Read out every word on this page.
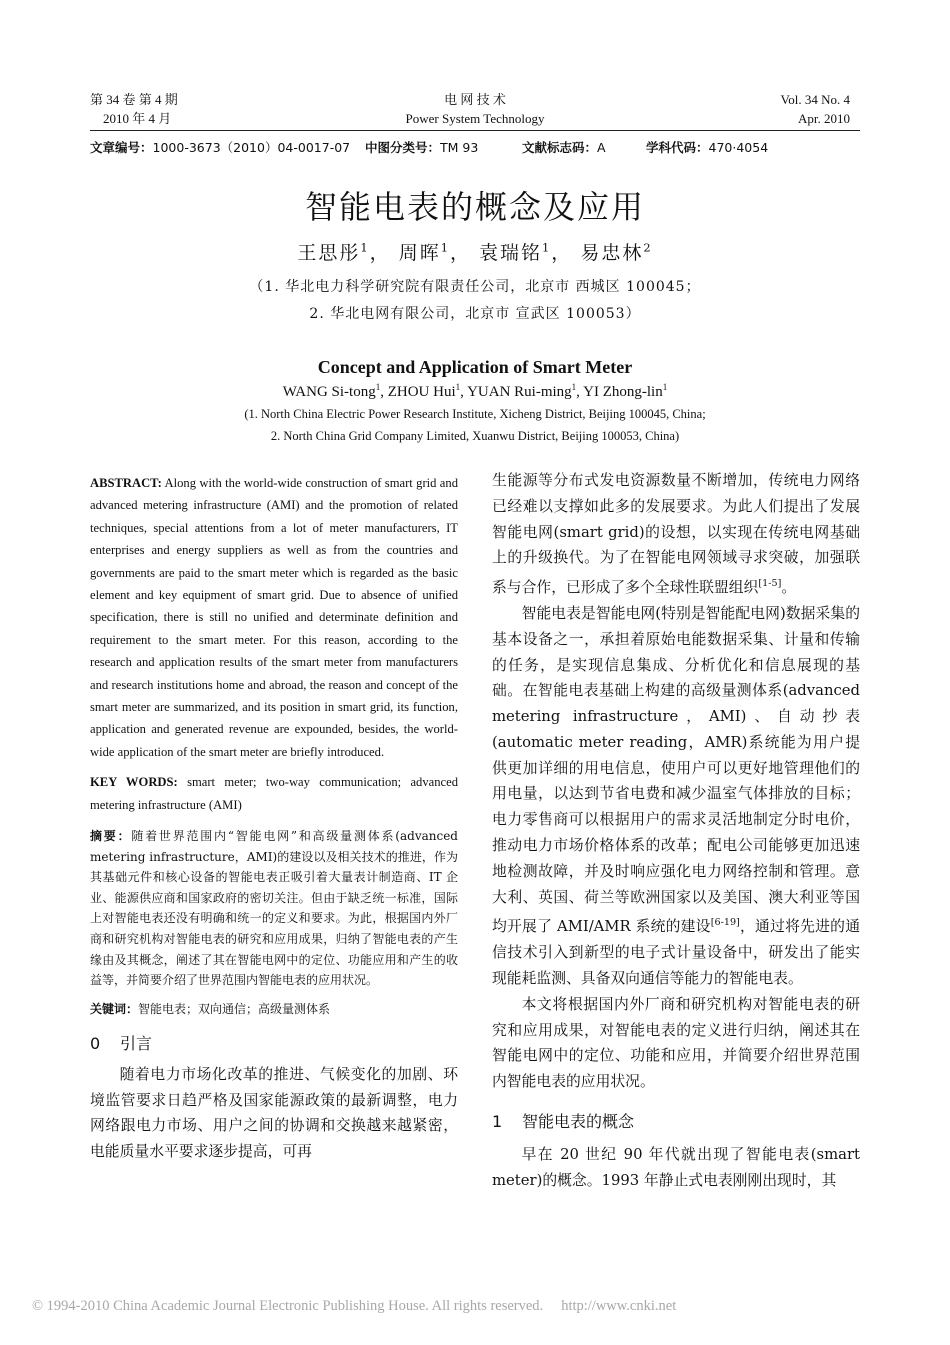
第 34 卷 第 4 期
2010 年 4 月
电 网 技 术
Power System Technology
Vol. 34 No. 4
Apr. 2010
文章编号：1000-3673（2010）04-0017-07 中图分类号：TM 93	文献标志码：A	学科代码：470·4054
智能电表的概念及应用
王思彤$^1$， 周晖$^1$， 袁瑞铭$^1$， 易忠林$^2$
（1. 华北电力科学研究院有限责任公司，北京市 西城区 100045；
2. 华北电网有限公司，北京市 宣武区 100053）
Concept and Application of Smart Meter
WANG Si-tong$^1$, ZHOU Hui$^1$, YUAN Rui-ming$^1$, YI Zhong-lin$^1$
(1. North China Electric Power Research Institute, Xicheng District, Beijing 100045, China;
2. North China Grid Company Limited, Xuanwu District, Beijing 100053, China)

ABSTRACT: Along with the world-wide construction of smart grid and advanced metering infrastructure (AMI) and the promotion of related techniques, special attentions from a lot of meter manufacturers, IT enterprises and energy suppliers as well as from the countries and governments are paid to the smart meter which is regarded as the basic element and key equipment of smart grid. Due to absence of unified specification, there is still no unified and determinate definition and requirement to the smart meter. For this reason, according to the research and application results of the smart meter from manufacturers and research institutions home and abroad, the reason and concept of the smart meter are summarized, and its position in smart grid, its function, application and generated revenue are expounded, besides, the world-wide application of the smart meter are briefly introduced.

KEY WORDS: smart meter; two-way communication; advanced metering infrastructure (AMI)

摘要：随着世界范围内“智能电网”和高级量测体系(advanced metering infrastructure，AMI)的建设以及相关技术的推进，作为其基础元件和核心设备的智能电表正吸引着大量表计制造商、IT 企业、能源供应商和国家政府的密切关注。但由于缺乏统一标准，国际上对智能电表还没有明确和统一的定义和要求。为此，根据国内外厂商和研究机构对智能电表的研究和应用成果，归纳了智能电表的产生缘由及其概念，阐述了其在智能电网中的定位、功能应用和产生的收益等，并简要介绍了世界范围内智能电表的应用状况。

关键词：智能电表；双向通信；高级量测体系

0 引言

随着电力市场化改革的推进、气候变化的加剧、环境监管要求日趋严格及国家能源政策的最新调整，电力网络跟电力市场、用户之间的协调和交换越来越紧密，电能质量水平要求逐步提高，可再

生能源等分布式发电资源数量不断增加，传统电力网络已经难以支撑如此多的发展要求。为此人们提出了发展智能电网(smart grid)的设想，以实现在传统电网基础上的升级换代。为了在智能电网领域寻求突破，加强联系与合作，已形成了多个全球性联盟组织[1-5]。

智能电表是智能电网(特别是智能配电网)数据采集的基本设备之一，承担着原始电能数据采集、计量和传输的任务，是实现信息集成、分析优化和信息展现的基础。在智能电表基础上构建的高级量测体系(advanced metering infrastructure，AMI)、自动抄表(automatic meter reading，AMR)系统能为用户提供更加详细的用电信息，使用户可以更好地管理他们的用电量，以达到节省电费和减少温室气体排放的目标；电力零售商可以根据用户的需求灵活地制定分时电价，推动电力市场价格体系的改革；配电公司能够更加迅速地检测故障，并及时响应强化电力网络控制和管理。意大利、英国、荷兰等欧洲国家以及美国、澳大利亚等国均开展了 AMI/AMR 系统的建设[6-19]，通过将先进的通信技术引入到新型的电子式计量设备中，研发出了能实现能耗监测、具备双向通信等能力的智能电表。

本文将根据国内外厂商和研究机构对智能电表的研究和应用成果，对智能电表的定义进行归纳，阐述其在智能电网中的定位、功能和应用，并简要介绍世界范围内智能电表的应用状况。

1 智能电表的概念

早在 20 世纪 90 年代就出现了智能电表(smart meter)的概念。1993 年静止式电表刚刚出现时，其

© 1994-2010 China Academic Journal Electronic Publishing House. All rights reserved. http://www.cnki.net
